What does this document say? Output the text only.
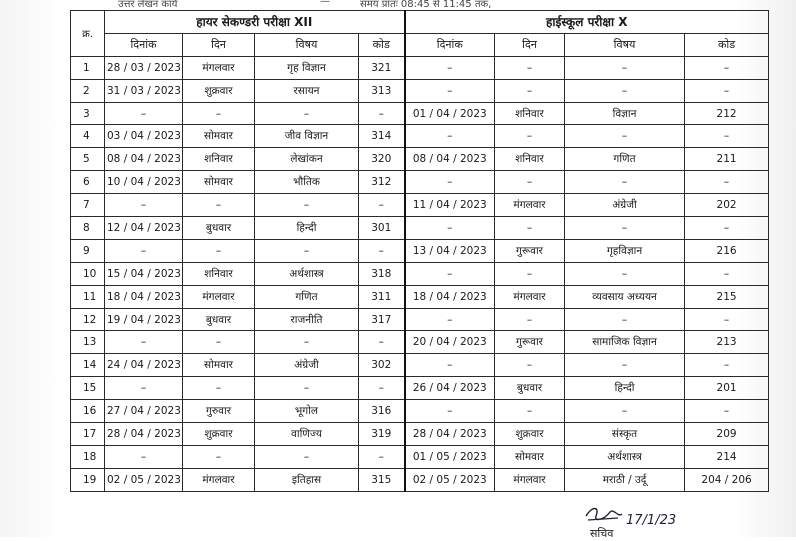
उत्तर लेखन कार्य	—	समय प्रातः 08:45 से 11:45 तक,
क्र.	हायर सेकण्डरी परीक्षा XII				हाईस्कूल परीक्षा X			
	दिनांक	दिन	विषय	कोड	दिनांक	दिन	विषय	कोड
1	28 / 03 / 2023	मंगलवार	गृह विज्ञान	321	–	–	–	–
2	31 / 03 / 2023	शुक्रवार	रसायन	313	–	–	–	–
3	–	–	–	–	01 / 04 / 2023	शनिवार	विज्ञान	212
4	03 / 04 / 2023	सोमवार	जीव विज्ञान	314	–	–	–	–
5	08 / 04 / 2023	शनिवार	लेखांकन	320	08 / 04 / 2023	शनिवार	गणित	211
6	10 / 04 / 2023	सोमवार	भौतिक	312	–	–	–	–
7	–	–	–	–	11 / 04 / 2023	मंगलवार	अंग्रेजी	202
8	12 / 04 / 2023	बुधवार	हिन्दी	301	–	–	–	–
9	–	–	–	–	13 / 04 / 2023	गुरूवार	गृहविज्ञान	216
10	15 / 04 / 2023	शनिवार	अर्थशास्त्र	318	–	–	–	–
11	18 / 04 / 2023	मंगलवार	गणित	311	18 / 04 / 2023	मंगलवार	व्यवसाय अध्ययन	215
12	19 / 04 / 2023	बुधवार	राजनीति	317	–	–	–	–
13	–	–	–	–	20 / 04 / 2023	गुरूवार	सामाजिक विज्ञान	213
14	24 / 04 / 2023	सोमवार	अंग्रेजी	302	–	–	–	–
15	–	–	–	–	26 / 04 / 2023	बुधवार	हिन्दी	201
16	27 / 04 / 2023	गुरुवार	भूगोल	316	–	–	–	–
17	28 / 04 / 2023	शुक्रवार	वाणिज्य	319	28 / 04 / 2023	शुक्रवार	संस्कृत	209
18	–	–	–	–	01 / 05 / 2023	सोमवार	अर्थशास्त्र	214
19	02 / 05 / 2023	मंगलवार	इतिहास	315	02 / 05 / 2023	मंगलवार	मराठी / उर्दू	204 / 206
17/1/23
सचिव
